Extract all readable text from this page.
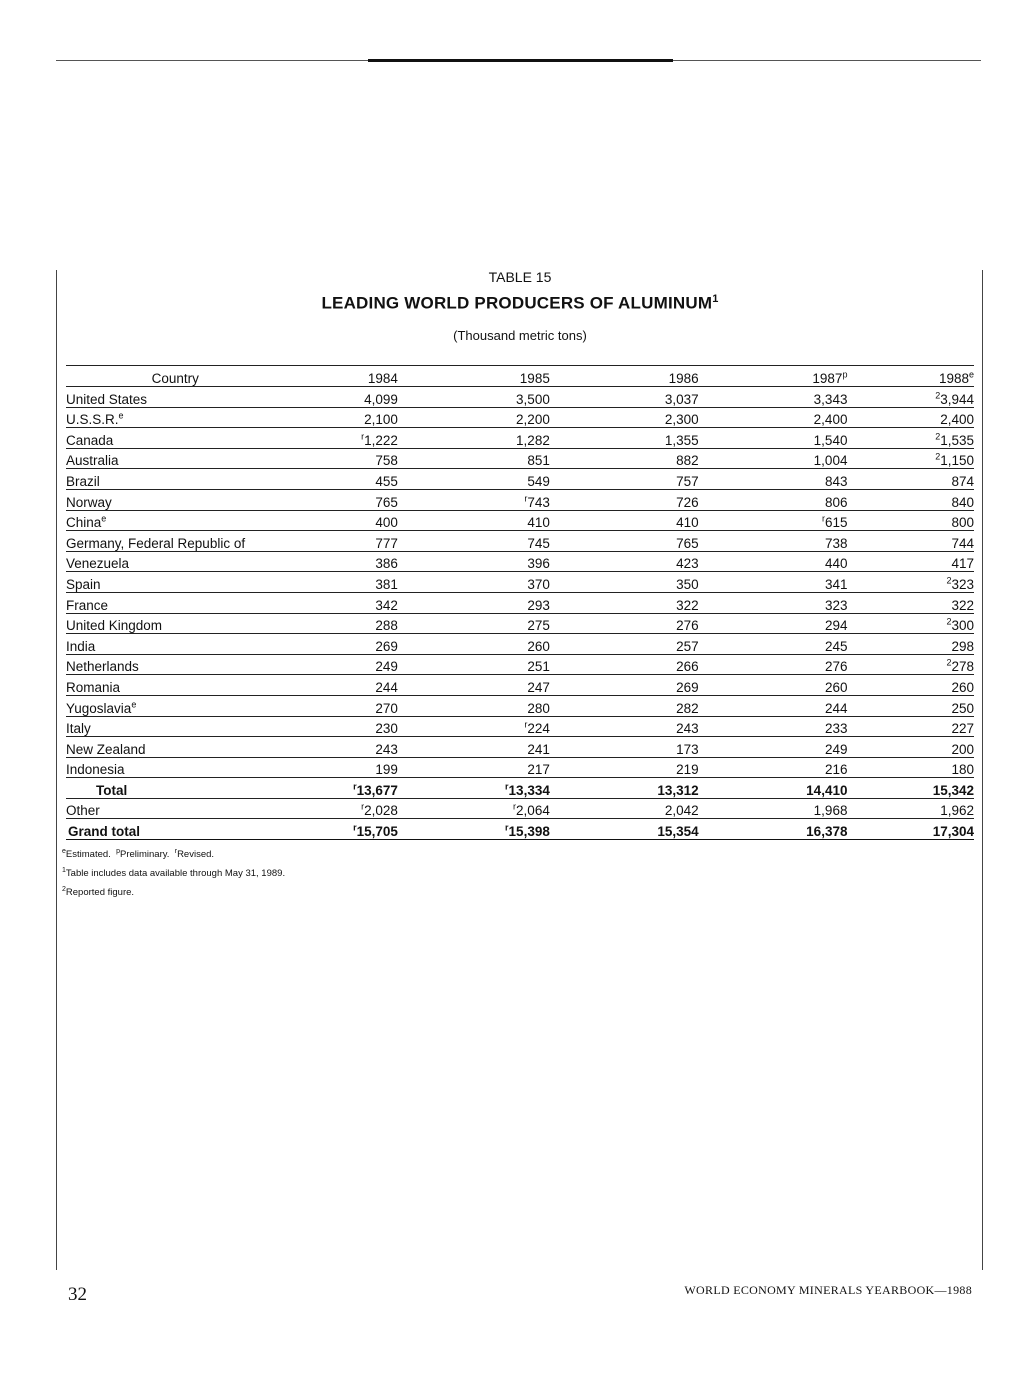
TABLE 15
LEADING WORLD PRODUCERS OF ALUMINUM$^1$
(Thousand metric tons)
Country	1984	1985	1986	1987$^p$	1988e
United States	4,099	3,500	3,037	3,343	$^2$3,944
U.S.S.R.$^e$	2,100	2,200	2,300	2,400	2,400
Canada	$^r$1,222	1,282	1,355	1,540	$^2$1,535
Australia	758	851	882	1,004	$^2$1,150
Brazil	455	549	757	843	874
Norway	765	$^r$743	726	806	840
China$^e$	400	410	410	$^r$615	800
Germany, Federal Republic of	777	745	765	738	744
Venezuela	386	396	423	440	417
Spain	381	370	350	341	$^2$323
France	342	293	322	323	322
United Kingdom	288	275	276	294	$^2$300
India	269	260	257	245	298
Netherlands	249	251	266	276	$^2$278
Romania	244	247	269	260	260
Yugoslavia$^e$	270	280	282	244	250
Italy	230	$^r$224	243	233	227
New Zealand	243	241	173	249	200
Indonesia	199	217	219	216	180
Total	$^r$13,677	$^r$13,334	13,312	14,410	15,342
Other	$^r$2,028	$^r$2,064	2,042	1,968	1,962
Grand total	$^r$15,705	$^r$15,398	15,354	16,378	17,304
$^e$Estimated. $^p$Preliminary. $^r$Revised.
$^1$Table includes data available through May 31, 1989.
$^2$Reported figure.
32	WORLD ECONOMY MINERALS YEARBOOK—1988
